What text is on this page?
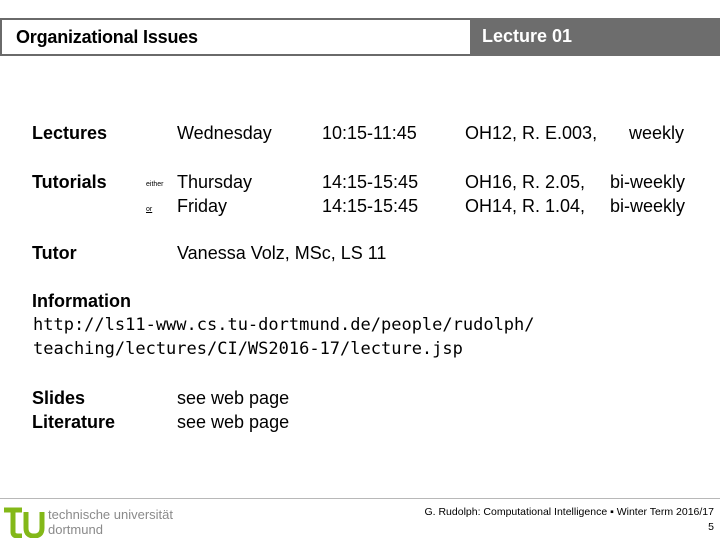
Organizational Issues	Lecture 01
Lectures	Wednesday	10:15-11:45	OH12, R. E.003, weekly
Tutorials	either Thursday	14:15-15:45	OH16, R. 2.05, bi-weekly
or Friday	14:15-15:45	OH14, R. 1.04, bi-weekly
Tutor	Vanessa Volz, MSc, LS 11
Information
http://ls11-www.cs.tu-dortmund.de/people/rudolph/
teaching/lectures/CI/WS2016-17/lecture.jsp
Slides	see web page
Literature	see web page
technische universität
dortmund
G. Rudolph: Computational Intelligence ▪ Winter Term 2016/17
5
